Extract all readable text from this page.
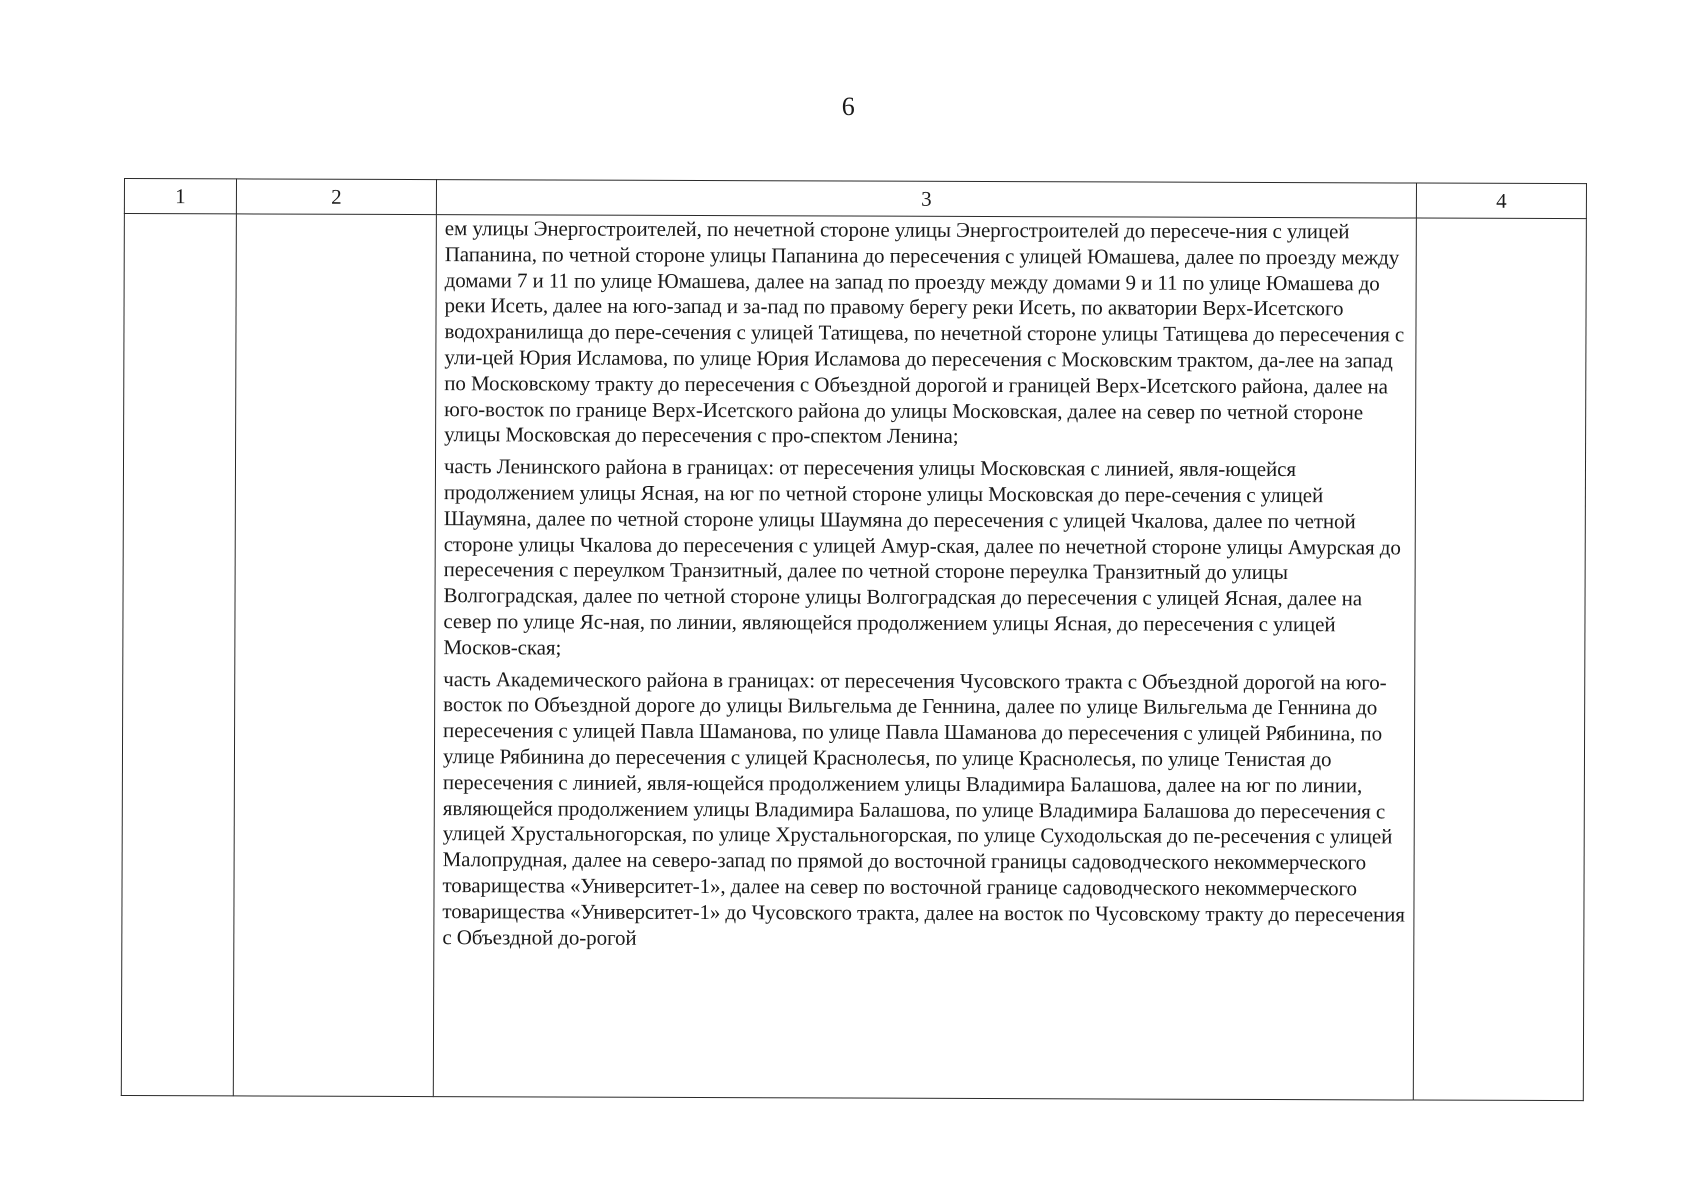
6
1	2	3	4

		ем улицы Энергостроителей, по нечетной стороне улицы Энергостроителей до пересече-ния с улицей Папанина, по четной стороне улицы Папанина до пересечения с улицей Юмашева, далее по проезду между домами 7 и 11 по улице Юмашева, далее на запад по проезду между домами 9 и 11 по улице Юмашева до реки Исеть, далее на юго-запад и за-пад по правому берегу реки Исеть, по акватории Верх-Исетского водохранилища до пере-сечения с улицей Татищева, по нечетной стороне улицы Татищева до пересечения с ули-цей Юрия Исламова, по улице Юрия Исламова до пересечения с Московским трактом, да-лее на запад по Московскому тракту до пересечения с Объездной дорогой и границей Верх-Исетского района, далее на юго-восток по границе Верх-Исетского района до улицы Московская, далее на север по четной стороне улицы Московская до пересечения с про-спектом Ленина;

часть Ленинского района в границах: от пересечения улицы Московская с линией, явля-ющейся продолжением улицы Ясная, на юг по четной стороне улицы Московская до пере-сечения с улицей Шаумяна, далее по четной стороне улицы Шаумяна до пересечения с улицей Чкалова, далее по четной стороне улицы Чкалова до пересечения с улицей Амур-ская, далее по нечетной стороне улицы Амурская до пересечения с переулком Транзитный, далее по четной стороне переулка Транзитный до улицы Волгоградская, далее по четной стороне улицы Волгоградская до пересечения с улицей Ясная, далее на север по улице Яс-ная, по линии, являющейся продолжением улицы Ясная, до пересечения с улицей Москов-ская;

часть Академического района в границах: от пересечения Чусовского тракта с Объездной дорогой на юго-восток по Объездной дороге до улицы Вильгельма де Геннина, далее по улице Вильгельма де Геннина до пересечения с улицей Павла Шаманова, по улице Павла Шаманова до пересечения с улицей Рябинина, по улице Рябинина до пересечения с улицей Краснолесья, по улице Краснолесья, по улице Тенистая до пересечения с линией, явля-ющейся продолжением улицы Владимира Балашова, далее на юг по линии, являющейся продолжением улицы Владимира Балашова, по улице Владимира Балашова до пересечения с улицей Хрустальногорская, по улице Хрустальногорская, по улице Суходольская до пе-ресечения с улицей Малопрудная, далее на северо-запад по прямой до восточной границы садоводческого некоммерческого товарищества «Университет-1», далее на север по восточной границе садоводческого некоммерческого товарищества «Университет-1» до Чусовского тракта, далее на восток по Чусовскому тракту до пересечения с Объездной до-рогой	
